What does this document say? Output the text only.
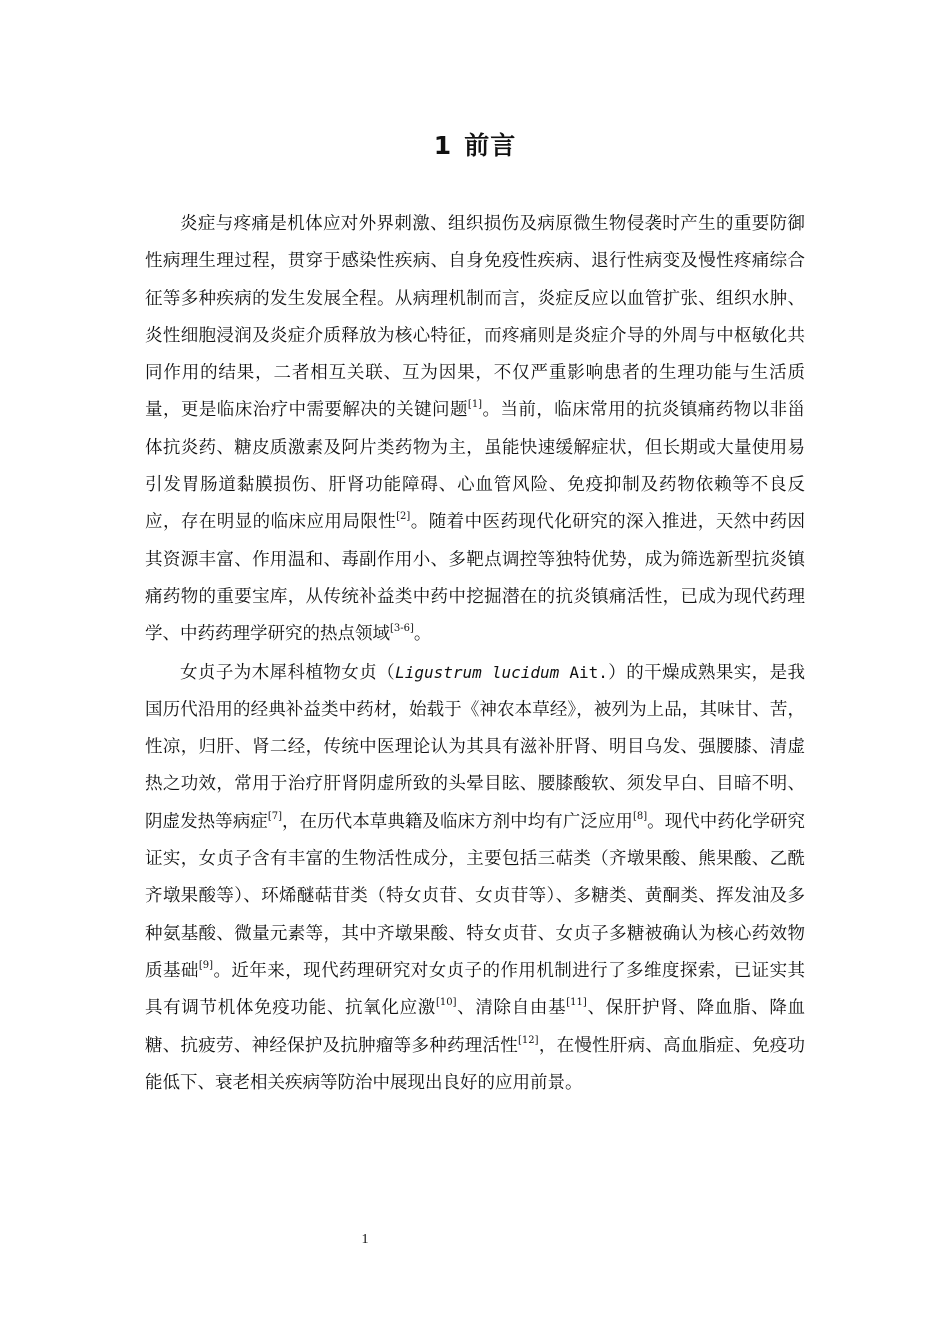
1 前言

炎症与疼痛是机体应对外界刺激、组织损伤及病原微生物侵袭时产生的重要防御性病理生理过程，贯穿于感染性疾病、自身免疫性疾病、退行性病变及慢性疼痛综合征等多种疾病的发生发展全程。从病理机制而言，炎症反应以血管扩张、组织水肿、炎性细胞浸润及炎症介质释放为核心特征，而疼痛则是炎症介导的外周与中枢敏化共同作用的结果，二者相互关联、互为因果，不仅严重影响患者的生理功能与生活质量，更是临床治疗中需要解决的关键问题[1]。当前，临床常用的抗炎镇痛药物以非甾体抗炎药、糖皮质激素及阿片类药物为主，虽能快速缓解症状，但长期或大量使用易引发胃肠道黏膜损伤、肝肾功能障碍、心血管风险、免疫抑制及药物依赖等不良反应，存在明显的临床应用局限性[2]。随着中医药现代化研究的深入推进，天然中药因其资源丰富、作用温和、毒副作用小、多靶点调控等独特优势，成为筛选新型抗炎镇痛药物的重要宝库，从传统补益类中药中挖掘潜在的抗炎镇痛活性，已成为现代药理学、中药药理学研究的热点领域[3-6]。

女贞子为木犀科植物女贞（Ligustrum lucidum Ait.）的干燥成熟果实，是我国历代沿用的经典补益类中药材，始载于《神农本草经》，被列为上品，其味甘、苦，性凉，归肝、肾二经，传统中医理论认为其具有滋补肝肾、明目乌发、强腰膝、清虚热之功效，常用于治疗肝肾阴虚所致的头晕目眩、腰膝酸软、须发早白、目暗不明、阴虚发热等病症[7]，在历代本草典籍及临床方剂中均有广泛应用[8]。现代中药化学研究证实，女贞子含有丰富的生物活性成分，主要包括三萜类（齐墩果酸、熊果酸、乙酰齐墩果酸等）、环烯醚萜苷类（特女贞苷、女贞苷等）、多糖类、黄酮类、挥发油及多种氨基酸、微量元素等，其中齐墩果酸、特女贞苷、女贞子多糖被确认为核心药效物质基础[9]。近年来，现代药理研究对女贞子的作用机制进行了多维度探索，已证实其具有调节机体免疫功能、抗氧化应激[10]、清除自由基[11]、保肝护肾、降血脂、降血糖、抗疲劳、神经保护及抗肿瘤等多种药理活性[12]，在慢性肝病、高血脂症、免疫功能低下、衰老相关疾病等防治中展现出良好的应用前景。

1
